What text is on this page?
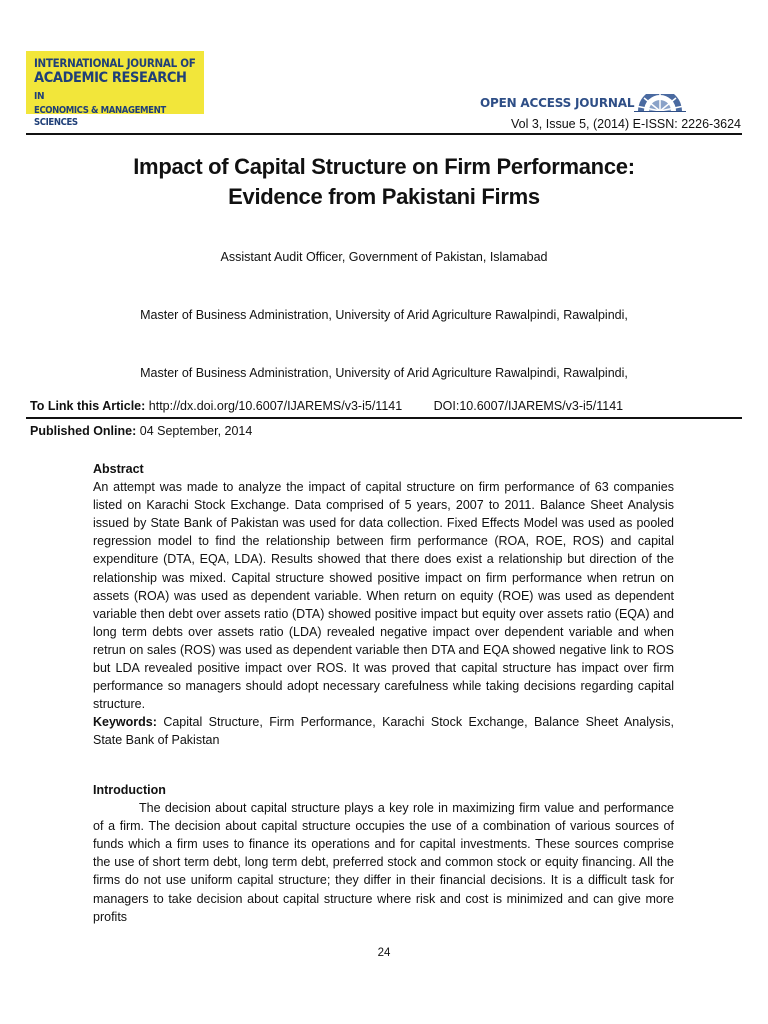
INTERNATIONAL JOURNAL OF
ACADEMIC RESEARCH IN
ECONOMICS & MANAGEMENT SCIENCES
OPEN ACCESS JOURNAL
Vol 3, Issue 5, (2014) E-ISSN: 2226-3624
Impact of Capital Structure on Firm Performance:
Evidence from Pakistani Firms
Assistant Audit Officer, Government of Pakistan, Islamabad
Master of Business Administration, University of Arid Agriculture Rawalpindi, Rawalpindi,
Master of Business Administration, University of Arid Agriculture Rawalpindi, Rawalpindi,
To Link this Article: http://dx.doi.org/10.6007/IJAREMS/v3-i5/1141	DOI:10.6007/IJAREMS/v3-i5/1141
Published Online: 04 September, 2014
Abstract
An attempt was made to analyze the impact of capital structure on firm performance of 63 companies listed on Karachi Stock Exchange. Data comprised of 5 years, 2007 to 2011. Balance Sheet Analysis issued by State Bank of Pakistan was used for data collection. Fixed Effects Model was used as pooled regression model to find the relationship between firm performance (ROA, ROE, ROS) and capital expenditure (DTA, EQA, LDA). Results showed that there does exist a relationship but direction of the relationship was mixed. Capital structure showed positive impact on firm performance when retrun on assets (ROA) was used as dependent variable. When return on equity (ROE) was used as dependent variable then debt over assets ratio (DTA) showed positive impact but equity over assets ratio (EQA) and long term debts over assets ratio (LDA) revealed negative impact over dependent variable and when retrun on sales (ROS) was used as dependent variable then DTA and EQA showed negative link to ROS but LDA revealed positive impact over ROS. It was proved that capital structure has impact over firm performance so managers should adopt necessary carefulness while taking decisions regarding capital structure.
Keywords: Capital Structure, Firm Performance, Karachi Stock Exchange, Balance Sheet Analysis, State Bank of Pakistan
Introduction
The decision about capital structure plays a key role in maximizing firm value and performance of a firm. The decision about capital structure occupies the use of a combination of various sources of funds which a firm uses to finance its operations and for capital investments. These sources comprise the use of short term debt, long term debt, preferred stock and common stock or equity financing. All the firms do not use uniform capital structure; they differ in their financial decisions. It is a difficult task for managers to take decision about capital structure where risk and cost is minimized and can give more profits
24
